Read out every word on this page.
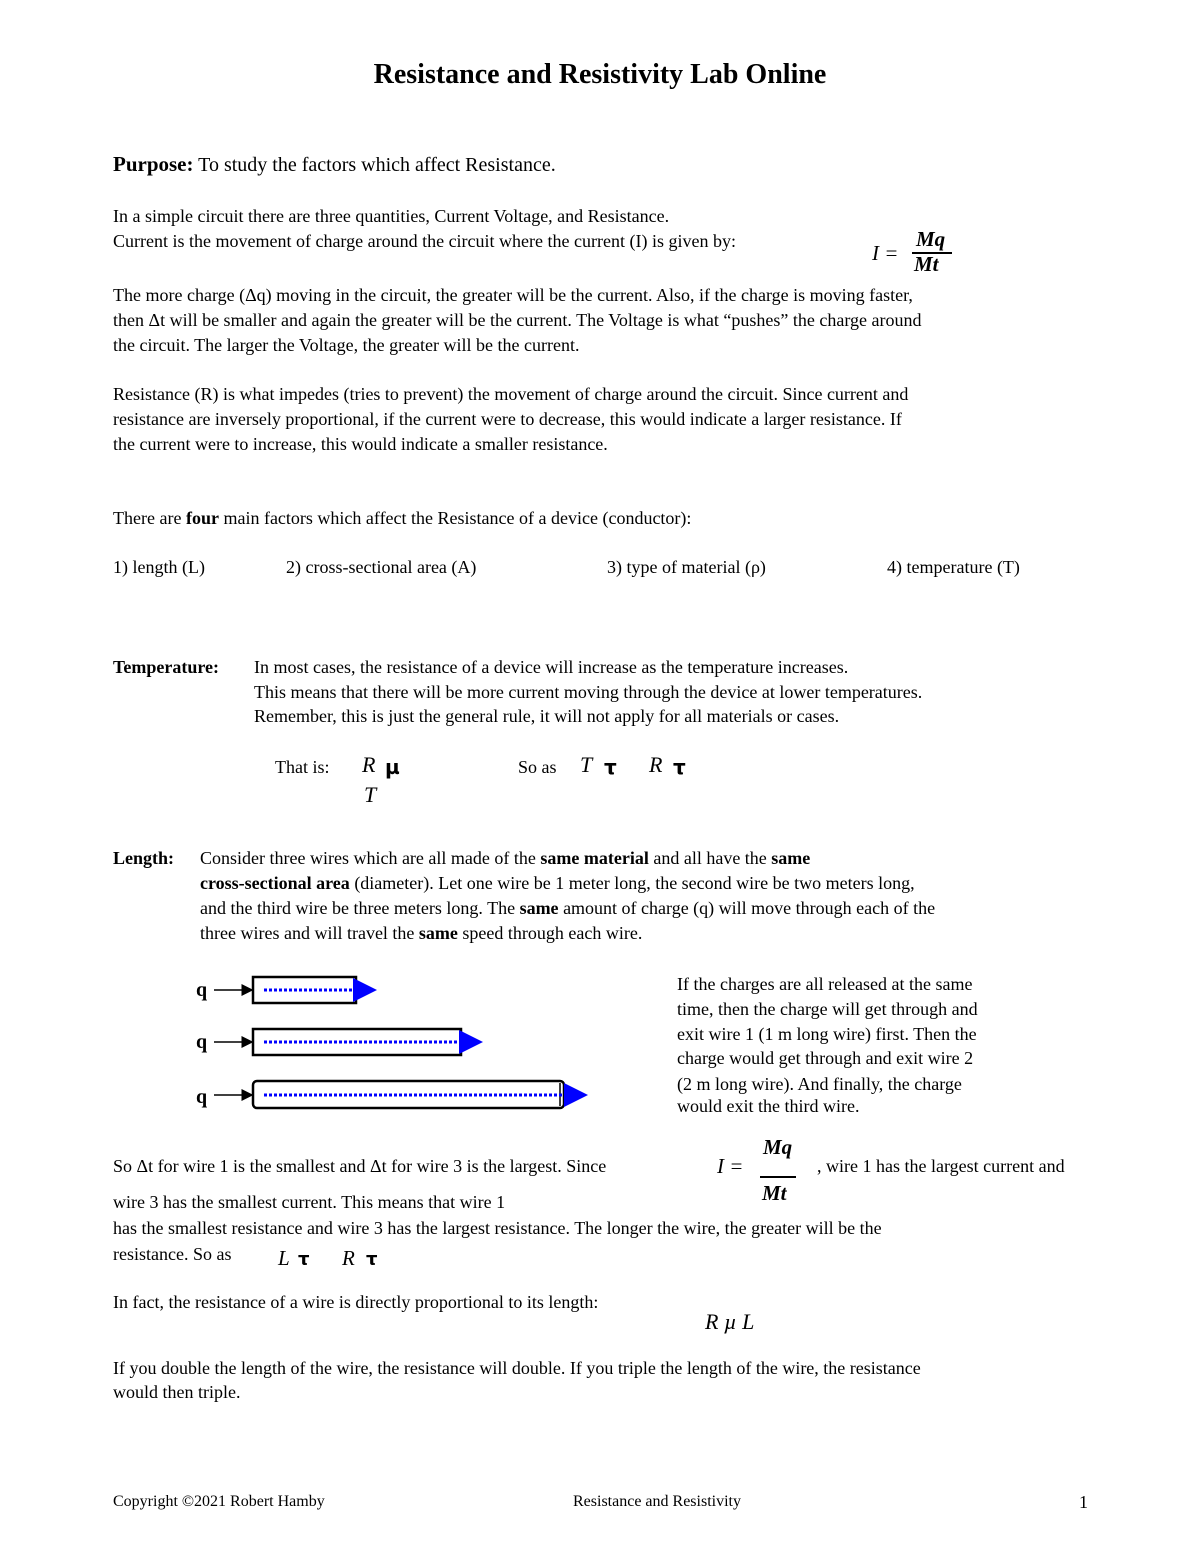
Resistance and Resistivity Lab Online
Purpose: To study the factors which affect Resistance.
In a simple circuit there are three quantities, Current Voltage, and Resistance.
Current is the movement of charge around the circuit where the current (I) is given by:	I =
Mq
Mt
The more charge (Δq) moving in the circuit, the greater will be the current. Also, if the charge is moving faster,
then Δt will be smaller and again the greater will be the current. The Voltage is what “pushes” the charge around
the circuit. The larger the Voltage, the greater will be the current.
Resistance (R) is what impedes (tries to prevent) the movement of charge around the circuit. Since current and
resistance are inversely proportional, if the current were to decrease, this would indicate a larger resistance. If
the current were to increase, this would indicate a smaller resistance.
There are four main factors which affect the Resistance of a device (conductor):
1) length (L)	2) cross-sectional area (A)	3) type of material (ρ)	4) temperature (T)
Temperature: In most cases, the resistance of a device will increase as the temperature increases.
This means that there will be more current moving through the device at lower temperatures.
Remember, this is just the general rule, it will not apply for all materials or cases.
That is: R µ
T
So as T τ R τ
Length: Consider three wires which are all made of the same material and all have the same
cross-sectional area (diameter). Let one wire be 1 meter long, the second wire be two meters long,
and the third wire be three meters long. The same amount of charge (q) will move through each of the
three wires and will travel the same speed through each wire.
q
q
q
If the charges are all released at the same
time, then the charge will get through and
exit wire 1 (1 m long wire) first. Then the
charge would get through and exit wire 2
(2 m long wire). And finally, the charge
would exit the third wire.
So Δt for wire 1 is the smallest and Δt for wire 3 is the largest. Since	I =
Mq
Mt
, wire 1 has the largest current and
wire 3 has the smallest current. This means that wire 1
has the smallest resistance and wire 3 has the largest resistance. The longer the wire, the greater will be the
resistance. So as L τ R τ
In fact, the resistance of a wire is directly proportional to its length:
R µ L
If you double the length of the wire, the resistance will double. If you triple the length of the wire, the resistance
would then triple.
Copyright ©2021 Robert Hamby	Resistance and Resistivity	1
